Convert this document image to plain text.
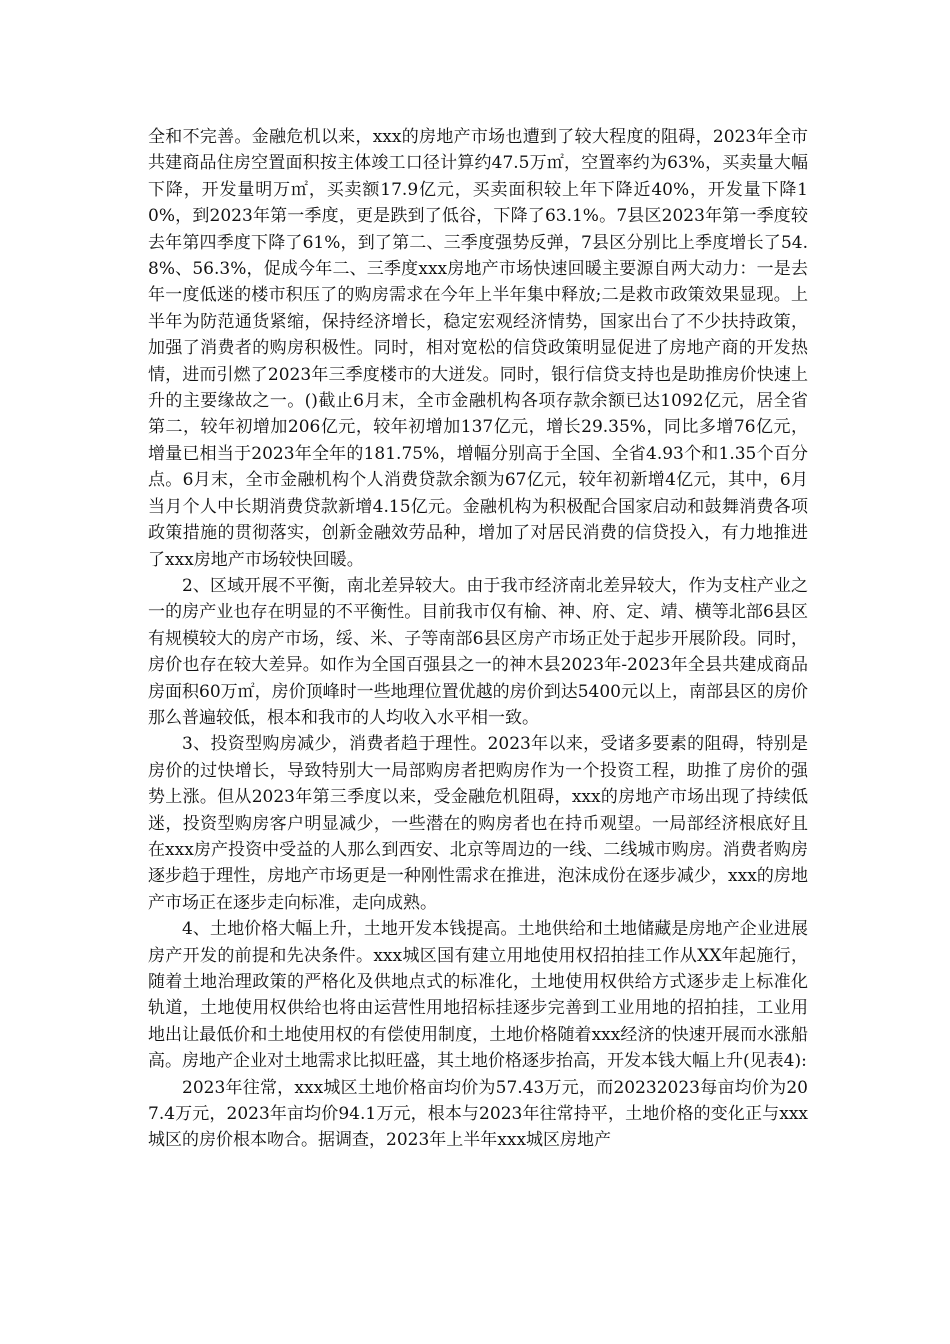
全和不完善。金融危机以来，xxx的房地产市场也遭到了较大程度的阻碍，2023年全市共建商品住房空置面积按主体竣工口径计算约47.5万㎡，空置率约为63%，买卖量大幅下降，开发量明万㎡，买卖额17.9亿元，买卖面积较上年下降近40%，开发量下降10%，到2023年第一季度，更是跌到了低谷，下降了63.1%。7县区2023年第一季度较去年第四季度下降了61%，到了第二、三季度强势反弹，7县区分别比上季度增长了54.8%、56.3%，促成今年二、三季度xxx房地产市场快速回暖主要源自两大动力：一是去年一度低迷的楼市积压了的购房需求在今年上半年集中释放;二是救市政策效果显现。上半年为防范通货紧缩，保持经济增长，稳定宏观经济情势，国家出台了不少扶持政策，加强了消费者的购房积极性。同时，相对宽松的信贷政策明显促进了房地产商的开发热情，进而引燃了2023年三季度楼市的大迸发。同时，银行信贷支持也是助推房价快速上升的主要缘故之一。()截止6月末，全市金融机构各项存款余额已达1092亿元，居全省第二，较年初增加206亿元，较年初增加137亿元，增长29.35%，同比多增76亿元，增量已相当于2023年全年的181.75%，增幅分别高于全国、全省4.93个和1.35个百分点。6月末，全市金融机构个人消费贷款余额为67亿元，较年初新增4亿元，其中，6月当月个人中长期消费贷款新增4.15亿元。金融机构为积极配合国家启动和鼓舞消费各项政策措施的贯彻落实，创新金融效劳品种，增加了对居民消费的信贷投入，有力地推进了xxx房地产市场较快回暖。

2、区域开展不平衡，南北差异较大。由于我市经济南北差异较大，作为支柱产业之一的房产业也存在明显的不平衡性。目前我市仅有榆、神、府、定、靖、横等北部6县区有规模较大的房产市场，绥、米、子等南部6县区房产市场正处于起步开展阶段。同时，房价也存在较大差异。如作为全国百强县之一的神木县2023年-2023年全县共建成商品房面积60万㎡，房价顶峰时一些地理位置优越的房价到达5400元以上，南部县区的房价那么普遍较低，根本和我市的人均收入水平相一致。

3、投资型购房减少，消费者趋于理性。2023年以来，受诸多要素的阻碍，特别是房价的过快增长，导致特别大一局部购房者把购房作为一个投资工程，助推了房价的强势上涨。但从2023年第三季度以来，受金融危机阻碍，xxx的房地产市场出现了持续低迷，投资型购房客户明显减少，一些潜在的购房者也在持币观望。一局部经济根底好且在xxx房产投资中受益的人那么到西安、北京等周边的一线、二线城市购房。消费者购房逐步趋于理性，房地产市场更是一种刚性需求在推进，泡沫成份在逐步减少，xxx的房地产市场正在逐步走向标准，走向成熟。

4、土地价格大幅上升，土地开发本钱提高。土地供给和土地储藏是房地产企业进展房产开发的前提和先决条件。xxx城区国有建立用地使用权招拍挂工作从XX年起施行，随着土地治理政策的严格化及供地点式的标准化，土地使用权供给方式逐步走上标准化轨道，土地使用权供给也将由运营性用地招标挂逐步完善到工业用地的招拍挂，工业用地出让最低价和土地使用权的有偿使用制度，土地价格随着xxx经济的快速开展而水涨船高。房地产企业对土地需求比拟旺盛，其土地价格逐步抬高，开发本钱大幅上升(见表4):

2023年往常，xxx城区土地价格亩均价为57.43万元，而20232023每亩均价为207.4万元，2023年亩均价94.1万元，根本与2023年往常持平，土地价格的变化正与xxx城区的房价根本吻合。据调查，2023年上半年xxx城区房地产
